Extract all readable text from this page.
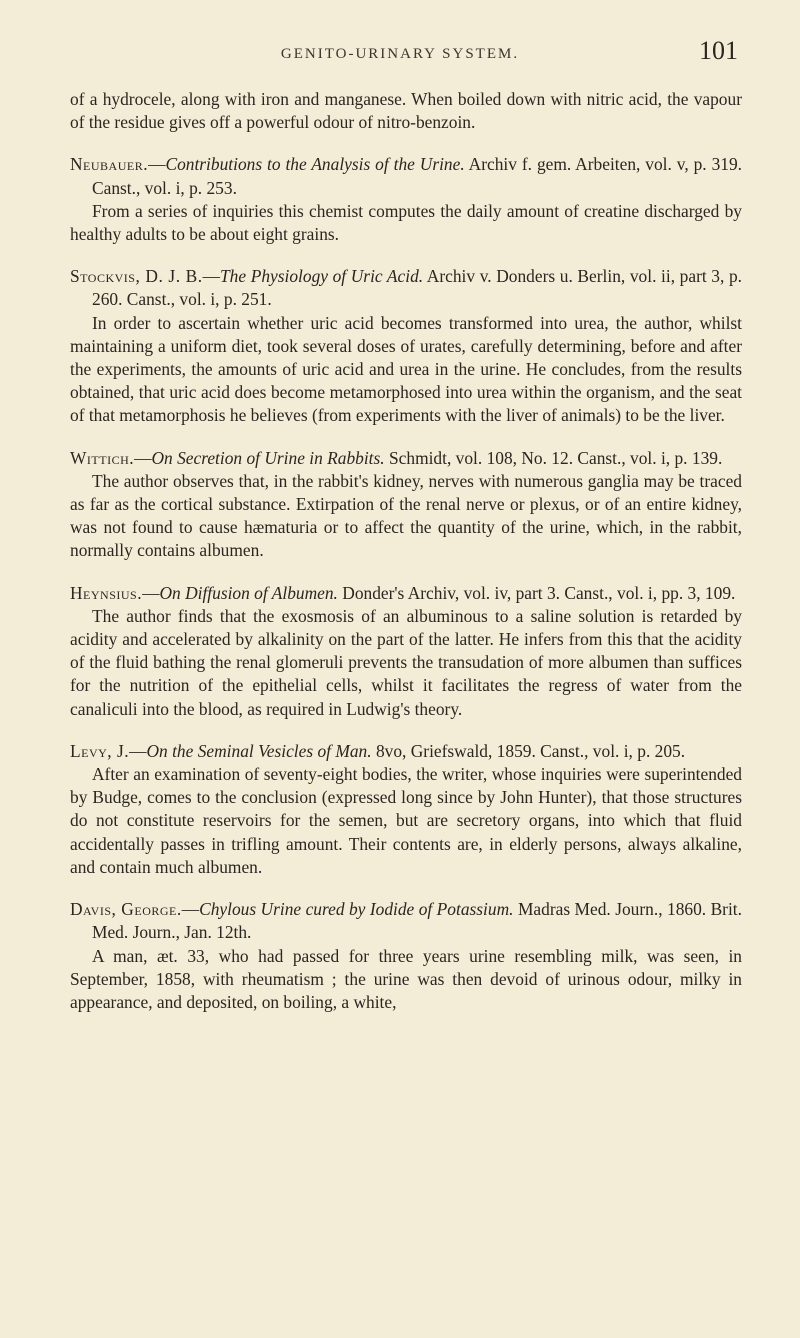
GENITO-URINARY SYSTEM.	101

of a hydrocele, along with iron and manganese. When boiled down with nitric acid, the vapour of the residue gives off a powerful odour of nitro-benzoin.

Neubauer.—Contributions to the Analysis of the Urine. Archiv f. gem. Arbeiten, vol. v, p. 319. Canst., vol. i, p. 253.

From a series of inquiries this chemist computes the daily amount of creatine discharged by healthy adults to be about eight grains.

Stockvis, D. J. B.—The Physiology of Uric Acid. Archiv v. Donders u. Berlin, vol. ii, part 3, p. 260. Canst., vol. i, p. 251.

In order to ascertain whether uric acid becomes transformed into urea, the author, whilst maintaining a uniform diet, took several doses of urates, carefully determining, before and after the experiments, the amounts of uric acid and urea in the urine. He concludes, from the results obtained, that uric acid does become metamorphosed into urea within the organism, and the seat of that metamorphosis he believes (from experiments with the liver of animals) to be the liver.

Wittich.—On Secretion of Urine in Rabbits. Schmidt, vol. 108, No. 12. Canst., vol. i, p. 139.

The author observes that, in the rabbit's kidney, nerves with numerous ganglia may be traced as far as the cortical substance. Extirpation of the renal nerve or plexus, or of an entire kidney, was not found to cause hæmaturia or to affect the quantity of the urine, which, in the rabbit, normally contains albumen.

Heynsius.—On Diffusion of Albumen. Donder's Archiv, vol. iv, part 3. Canst., vol. i, pp. 3, 109.

The author finds that the exosmosis of an albuminous to a saline solution is retarded by acidity and accelerated by alkalinity on the part of the latter. He infers from this that the acidity of the fluid bathing the renal glomeruli prevents the transudation of more albumen than suffices for the nutrition of the epithelial cells, whilst it facilitates the regress of water from the canaliculi into the blood, as required in Ludwig's theory.

Levy, J.—On the Seminal Vesicles of Man. 8vo, Griefswald, 1859. Canst., vol. i, p. 205.

After an examination of seventy-eight bodies, the writer, whose inquiries were superintended by Budge, comes to the conclusion (expressed long since by John Hunter), that those structures do not constitute reservoirs for the semen, but are secretory organs, into which that fluid accidentally passes in trifling amount. Their contents are, in elderly persons, always alkaline, and contain much albumen.

Davis, George.—Chylous Urine cured by Iodide of Potassium. Madras Med. Journ., 1860. Brit. Med. Journ., Jan. 12th.

A man, æt. 33, who had passed for three years urine resembling milk, was seen, in September, 1858, with rheumatism ; the urine was then devoid of urinous odour, milky in appearance, and deposited, on boiling, a white,
